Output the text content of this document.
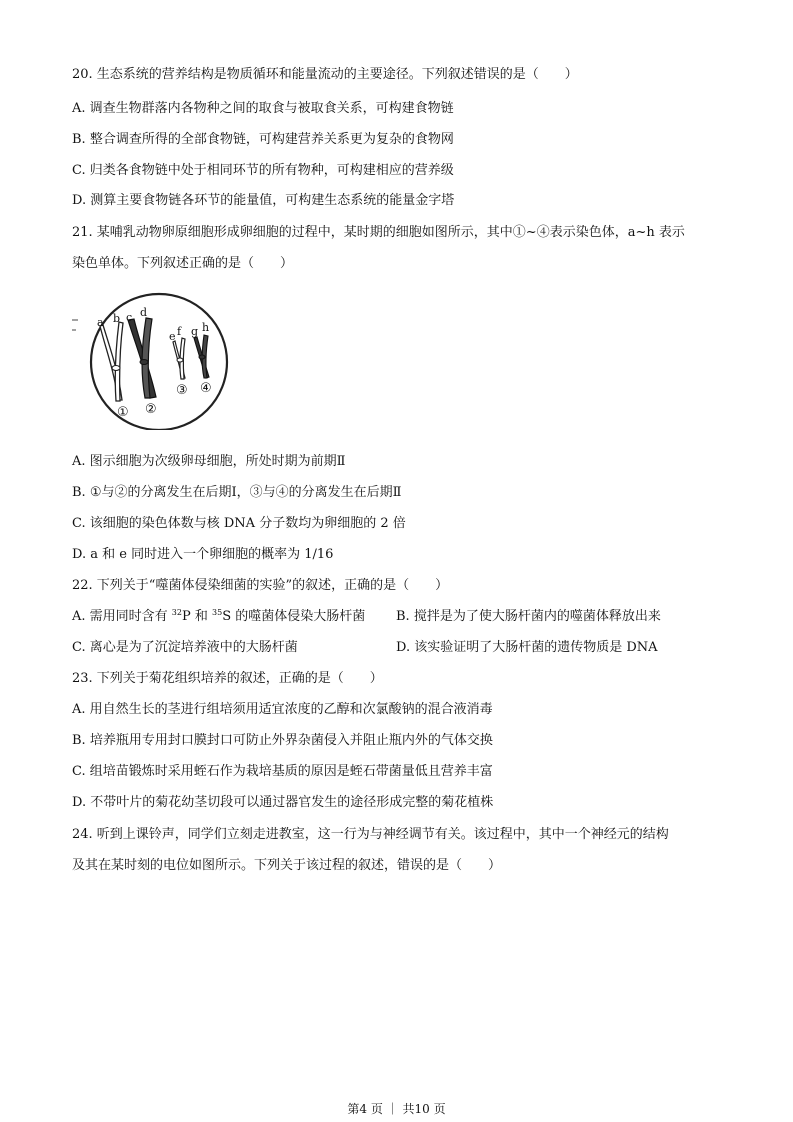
20. 生态系统的营养结构是物质循环和能量流动的主要途径。下列叙述错误的是（　　）
A. 调查生物群落内各物种之间的取食与被取食关系，可构建食物链
B. 整合调查所得的全部食物链，可构建营养关系更为复杂的食物网
C. 归类各食物链中处于相同环节的所有物种，可构建相应的营养级
D. 测算主要食物链各环节的能量值，可构建生态系统的能量金字塔
21. 某哺乳动物卵原细胞形成卵细胞的过程中，某时期的细胞如图所示，其中①~④表示染色体，a~h 表示
染色单体。下列叙述正确的是（　　）
a b c d
e f g h
① ②
③ ④
A. 图示细胞为次级卵母细胞，所处时期为前期Ⅱ
B. ①与②的分离发生在后期Ⅰ，③与④的分离发生在后期Ⅱ
C. 该细胞的染色体数与核 DNA 分子数均为卵细胞的 2 倍
D. a 和 e 同时进入一个卵细胞的概率为 1/16
22. 下列关于“噬菌体侵染细菌的实验”的叙述，正确的是（　　）
A. 需用同时含有 $^{32}$P 和 $^{35}$S 的噬菌体侵染大肠杆菌 B. 搅拌是为了使大肠杆菌内的噬菌体释放出来
C. 离心是为了沉淀培养液中的大肠杆菌	D. 该实验证明了大肠杆菌的遗传物质是 DNA
23. 下列关于菊花组织培养的叙述，正确的是（　　）
A. 用自然生长的茎进行组培须用适宜浓度的乙醇和次氯酸钠的混合液消毒
B. 培养瓶用专用封口膜封口可防止外界杂菌侵入并阻止瓶内外的气体交换
C. 组培苗锻炼时采用蛭石作为栽培基质的原因是蛭石带菌量低且营养丰富
D. 不带叶片的菊花幼茎切段可以通过器官发生的途径形成完整的菊花植株
24. 听到上课铃声，同学们立刻走进教室，这一行为与神经调节有关。该过程中，其中一个神经元的结构
及其在某时刻的电位如图所示。下列关于该过程的叙述，错误的是（　　）
第4 页 ｜ 共10 页
